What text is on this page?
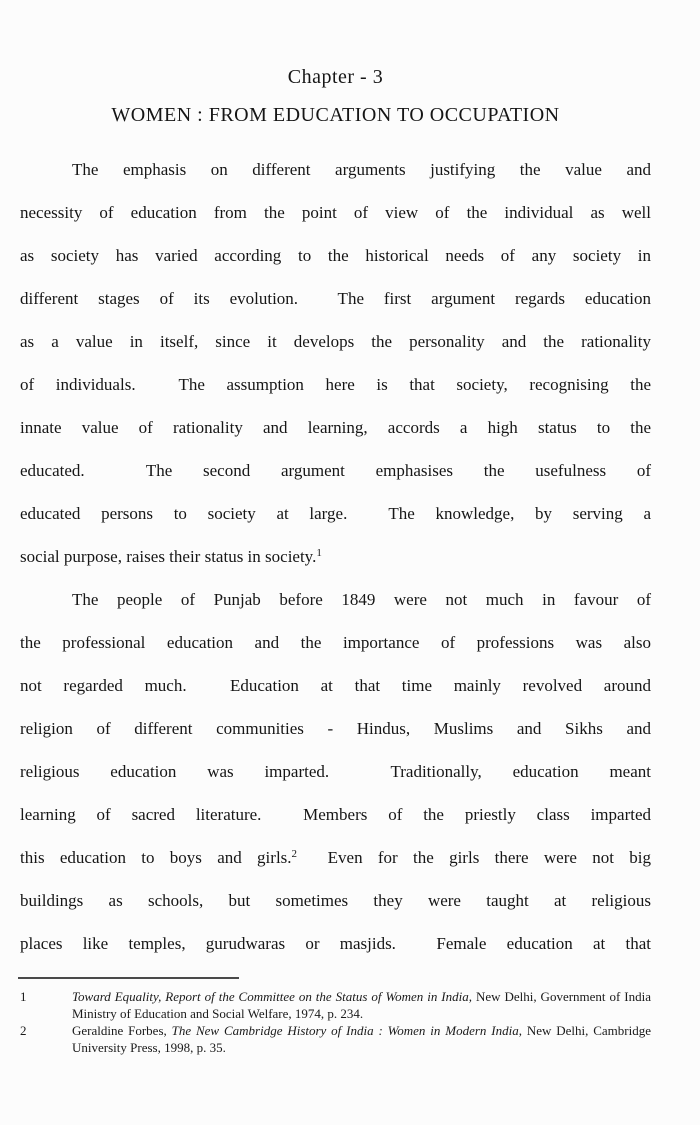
Chapter - 3
WOMEN : FROM EDUCATION TO OCCUPATION
The emphasis on different arguments justifying the value and
necessity of education from the point of view of the individual as well
as society has varied according to the historical needs of any society in
different stages of its evolution.  The first argument regards education
as a value in itself, since it develops the personality and the rationality
of individuals.  The assumption here is that society, recognising the
innate value of rationality and learning, accords a high status to the
educated.  The second argument emphasises the usefulness of
educated persons to society at large.  The knowledge, by serving a
social purpose, raises their status in society.$^1$
The people of Punjab before 1849 were not much in favour of
the professional education and the importance of professions was also
not regarded much.  Education at that time mainly revolved around
religion of different communities - Hindus, Muslims and Sikhs and
religious education was imparted.  Traditionally, education meant
learning of sacred literature.  Members of the priestly class imparted
this education to boys and girls.$^2$  Even for the girls there were not big
buildings as schools, but sometimes they were taught at religious
places like temples, gurudwaras or masjids.  Female education at that
1	Toward Equality, Report of the Committee on the Status of Women in India, New Delhi, Government of India Ministry of Education and Social Welfare, 1974, p. 234.
2	Geraldine Forbes, The New Cambridge History of India : Women in Modern India, New Delhi, Cambridge University Press, 1998, p. 35.
